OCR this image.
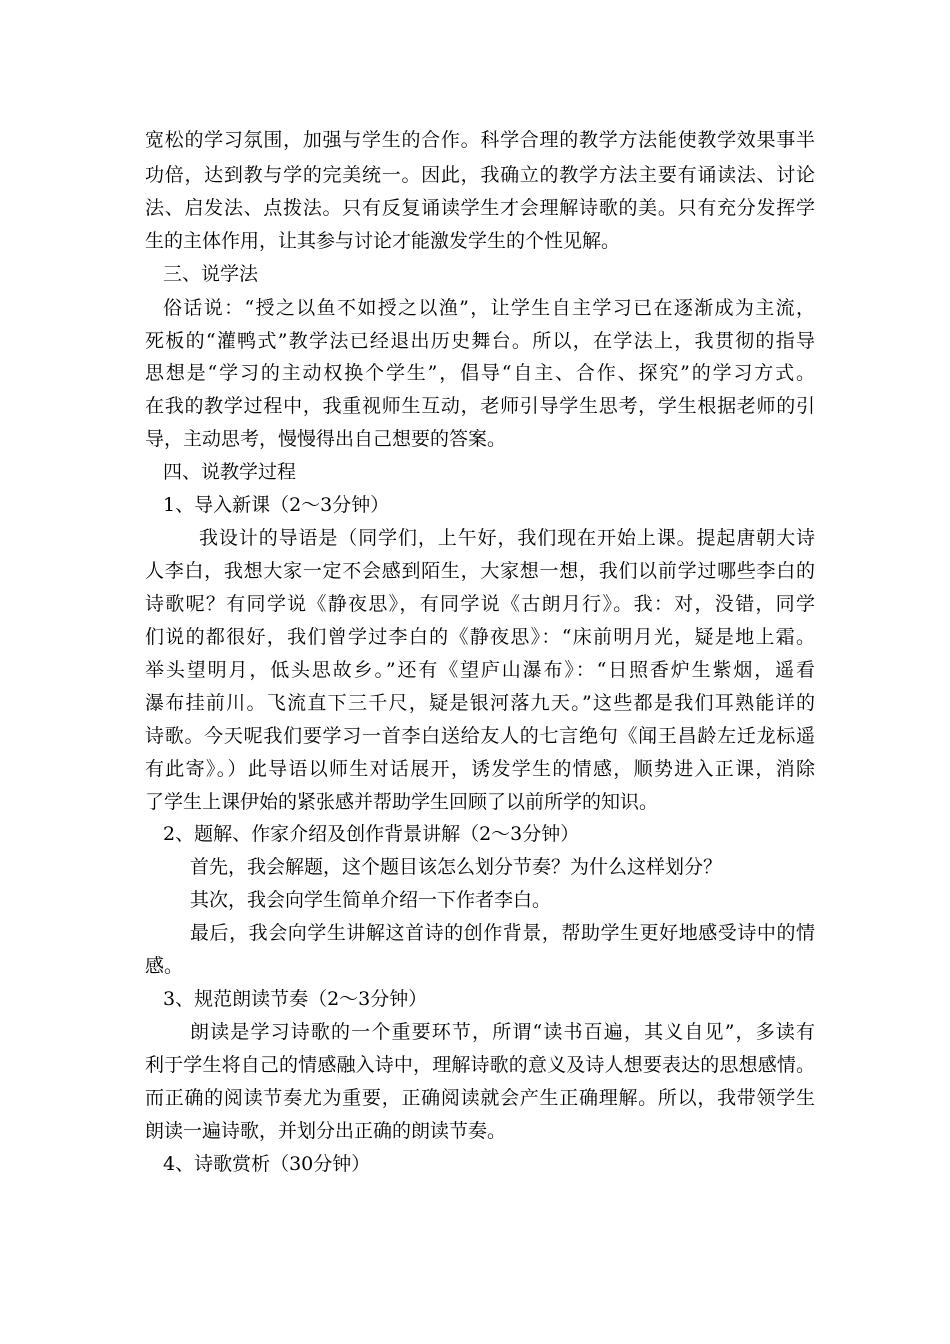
宽松的学习氛围，加强与学生的合作。科学合理的教学方法能使教学效果事半
功倍，达到教与学的完美统一。因此，我确立的教学方法主要有诵读法、讨论
法、启发法、点拨法。只有反复诵读学生才会理解诗歌的美。只有充分发挥学
生的主体作用，让其参与讨论才能激发学生的个性见解。
三、说学法
俗话说：“授之以鱼不如授之以渔”，让学生自主学习已在逐渐成为主流，
死板的“灌鸭式”教学法已经退出历史舞台。所以，在学法上，我贯彻的指导
思想是“学习的主动权换个学生”，倡导“自主、合作、探究”的学习方式。
在我的教学过程中，我重视师生互动，老师引导学生思考，学生根据老师的引
导，主动思考，慢慢得出自己想要的答案。
四、说教学过程
1、导入新课（2～3分钟）
我设计的导语是（同学们，上午好，我们现在开始上课。提起唐朝大诗
人李白，我想大家一定不会感到陌生，大家想一想，我们以前学过哪些李白的
诗歌呢？有同学说《静夜思》，有同学说《古朗月行》。我：对，没错，同学
们说的都很好，我们曾学过李白的《静夜思》：“床前明月光，疑是地上霜。
举头望明月，低头思故乡。”还有《望庐山瀑布》：“日照香炉生紫烟，遥看
瀑布挂前川。飞流直下三千尺，疑是银河落九天。”这些都是我们耳熟能详的
诗歌。今天呢我们要学习一首李白送给友人的七言绝句《闻王昌龄左迁龙标遥
有此寄》。）此导语以师生对话展开，诱发学生的情感，顺势进入正课，消除
了学生上课伊始的紧张感并帮助学生回顾了以前所学的知识。
2、题解、作家介绍及创作背景讲解（2～3分钟）
首先，我会解题，这个题目该怎么划分节奏？为什么这样划分？
其次，我会向学生简单介绍一下作者李白。
最后，我会向学生讲解这首诗的创作背景，帮助学生更好地感受诗中的情
感。
3、规范朗读节奏（2～3分钟）
朗读是学习诗歌的一个重要环节，所谓“读书百遍，其义自见”，多读有
利于学生将自己的情感融入诗中，理解诗歌的意义及诗人想要表达的思想感情。
而正确的阅读节奏尤为重要，正确阅读就会产生正确理解。所以，我带领学生
朗读一遍诗歌，并划分出正确的朗读节奏。
4、诗歌赏析（30分钟）
